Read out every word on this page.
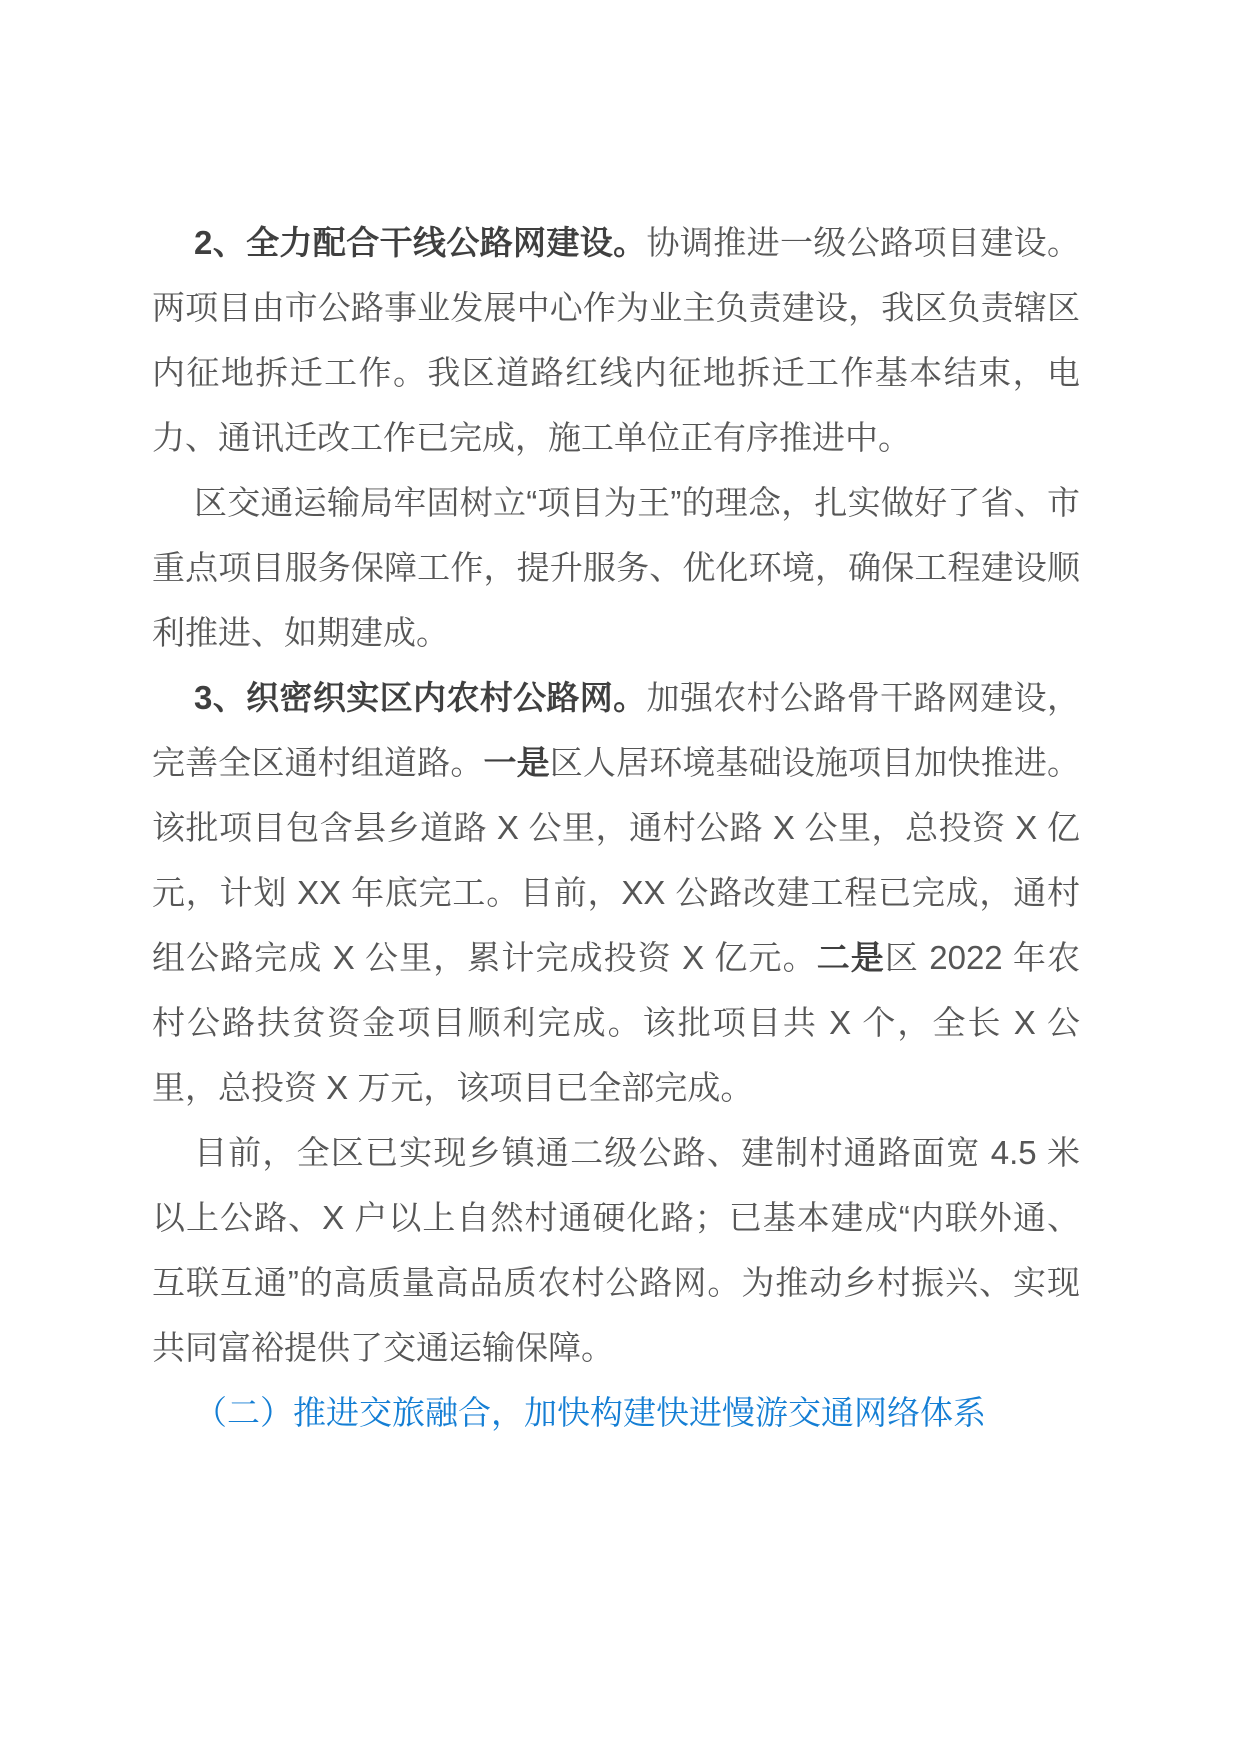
2、全力配合干线公路网建设。协调推进一级公路项目建设。两项目由市公路事业发展中心作为业主负责建设，我区负责辖区内征地拆迁工作。我区道路红线内征地拆迁工作基本结束，电力、通讯迁改工作已完成，施工单位正有序推进中。

区交通运输局牢固树立“项目为王”的理念，扎实做好了省、市重点项目服务保障工作，提升服务、优化环境，确保工程建设顺利推进、如期建成。

3、织密织实区内农村公路网。加强农村公路骨干路网建设，完善全区通村组道路。一是区人居环境基础设施项目加快推进。该批项目包含县乡道路 X 公里，通村公路 X 公里，总投资 X 亿元，计划 XX 年底完工。目前，XX 公路改建工程已完成，通村组公路完成 X 公里，累计完成投资 X 亿元。二是区 2022 年农村公路扶贫资金项目顺利完成。该批项目共 X 个，全长 X 公里，总投资 X 万元，该项目已全部完成。

目前，全区已实现乡镇通二级公路、建制村通路面宽 4.5 米以上公路、X 户以上自然村通硬化路；已基本建成“内联外通、互联互通”的高质量高品质农村公路网。为推动乡村振兴、实现共同富裕提供了交通运输保障。

（二）推进交旅融合，加快构建快进慢游交通网络体系
